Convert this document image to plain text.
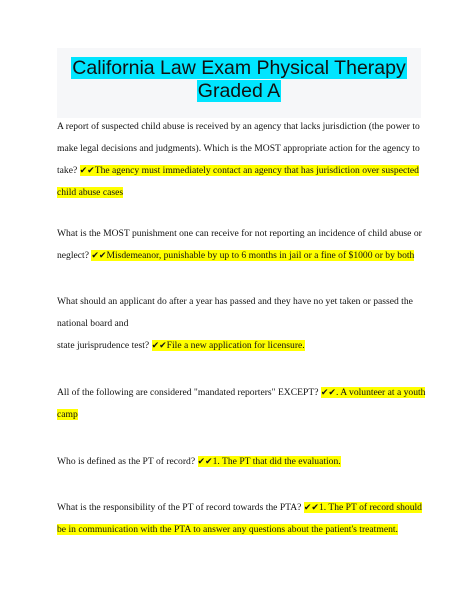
California Law Exam Physical Therapy
Graded A
A report of suspected child abuse is received by an agency that lacks jurisdiction (the power to
make legal decisions and judgments). Which is the MOST appropriate action for the agency to
take? ✔✔The agency must immediately contact an agency that has jurisdiction over suspected
child abuse cases
What is the MOST punishment one can receive for not reporting an incidence of child abuse or
neglect? ✔✔Misdemeanor, punishable by up to 6 months in jail or a fine of $1000 or by both
What should an applicant do after a year has passed and they have no yet taken or passed the
national board and
state jurisprudence test? ✔✔File a new application for licensure.
All of the following are considered "mandated reporters" EXCEPT? ✔✔. A volunteer at a youth
camp
Who is defined as the PT of record? ✔✔1. The PT that did the evaluation.
What is the responsibility of the PT of record towards the PTA? ✔✔1. The PT of record should
be in communication with the PTA to answer any questions about the patient's treatment.
